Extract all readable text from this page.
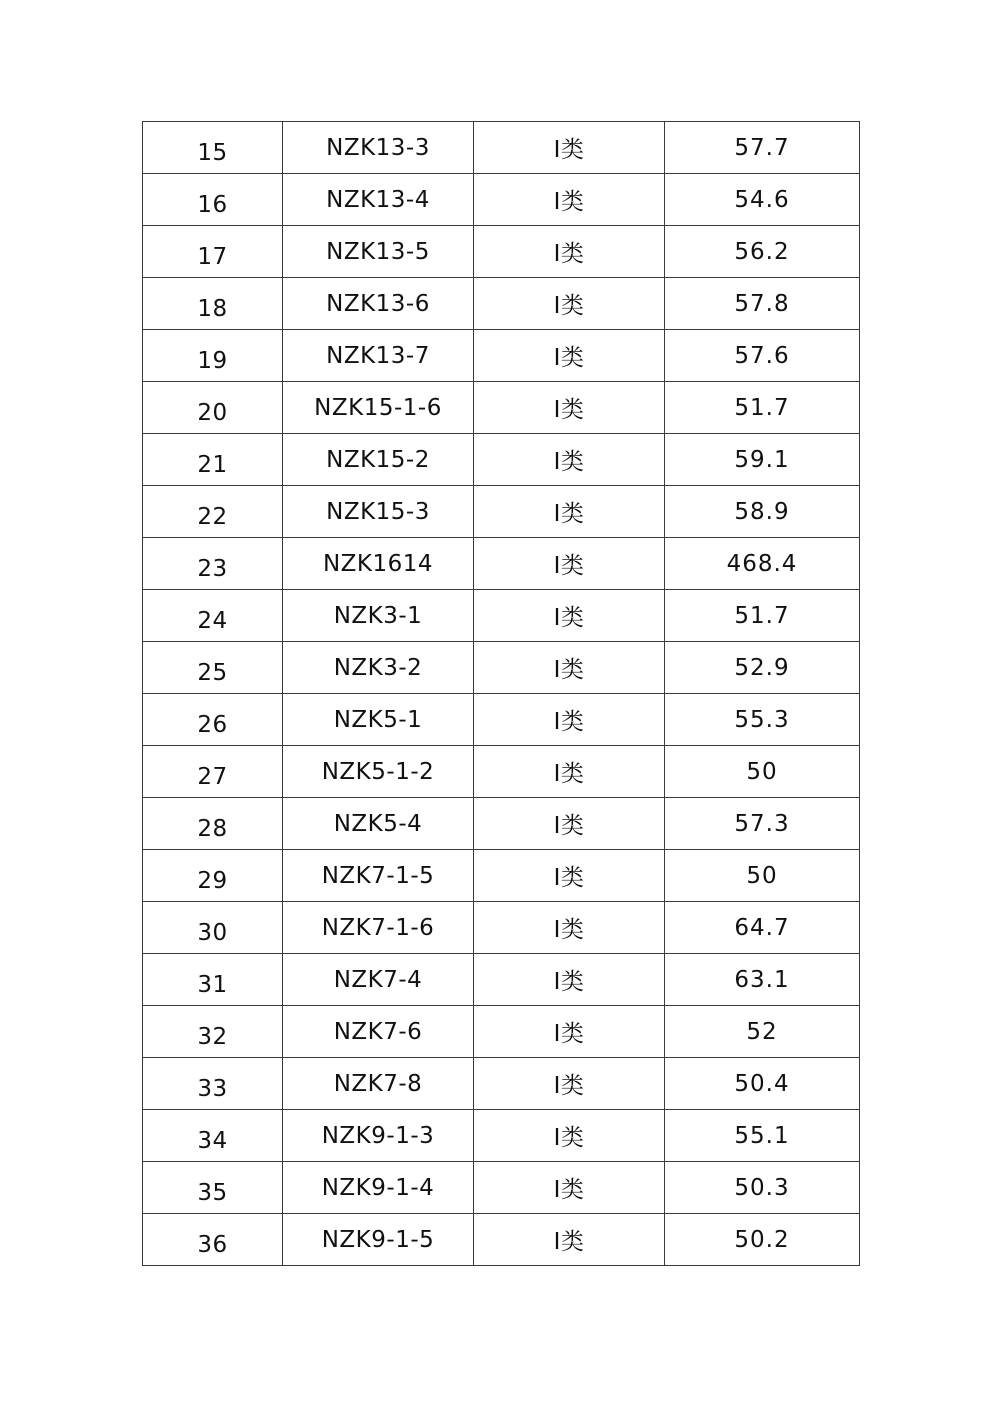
15	NZK13-3	Ⅰ类	57.7
16	NZK13-4	Ⅰ类	54.6
17	NZK13-5	Ⅰ类	56.2
18	NZK13-6	Ⅰ类	57.8
19	NZK13-7	Ⅰ类	57.6
20	NZK15-1-6	Ⅰ类	51.7
21	NZK15-2	Ⅰ类	59.1
22	NZK15-3	Ⅰ类	58.9
23	NZK1614	Ⅰ类	468.4
24	NZK3-1	Ⅰ类	51.7
25	NZK3-2	Ⅰ类	52.9
26	NZK5-1	Ⅰ类	55.3
27	NZK5-1-2	Ⅰ类	50
28	NZK5-4	Ⅰ类	57.3
29	NZK7-1-5	Ⅰ类	50
30	NZK7-1-6	Ⅰ类	64.7
31	NZK7-4	Ⅰ类	63.1
32	NZK7-6	Ⅰ类	52
33	NZK7-8	Ⅰ类	50.4
34	NZK9-1-3	Ⅰ类	55.1
35	NZK9-1-4	Ⅰ类	50.3
36	NZK9-1-5	Ⅰ类	50.2
